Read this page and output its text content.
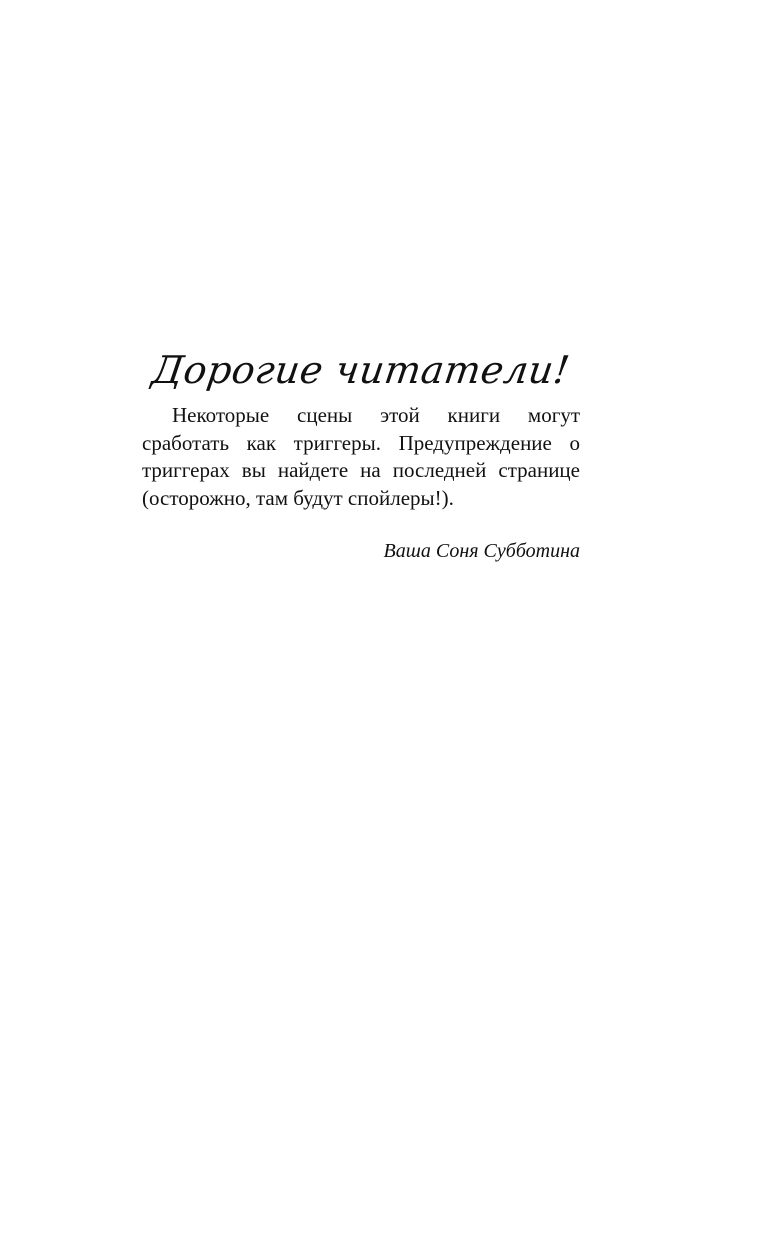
Дорогие читатели!

Некоторые сцены этой книги могут сработать как триггеры. Предупреждение о триггерах вы найдете на последней странице (осторожно, там будут спойлеры!).

Ваша Соня Субботина
